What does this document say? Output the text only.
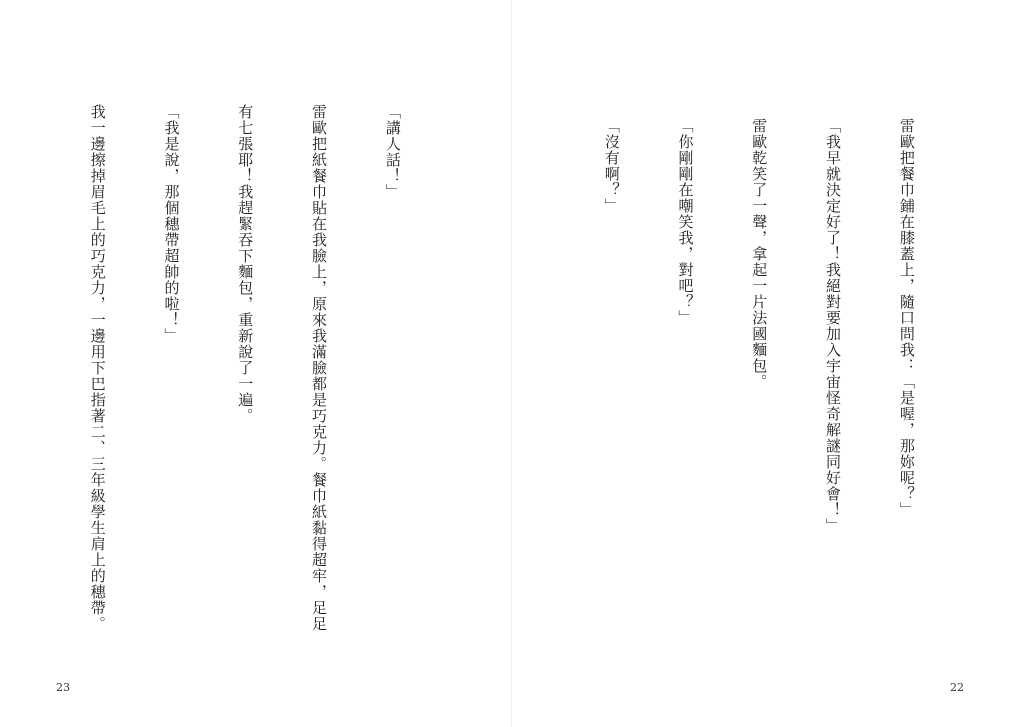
「講人話！」

雷歐把紙餐巾貼在我臉上，原來我滿臉都是巧克力。餐巾紙黏得超牢，足足

有七張耶！我趕緊吞下麵包，重新說了一遍。

「我是說，那個穗帶超帥的啦！」

我一邊擦掉眉毛上的巧克力，一邊用下巴指著二、三年級學生肩上的穗帶。

23

雷歐把餐巾鋪在膝蓋上，隨口問我：「是喔，那妳呢？」

「我早就決定好了！我絕對要加入宇宙怪奇解謎同好會！」

雷歐乾笑了一聲，拿起一片法國麵包。

「你剛剛在嘲笑我，對吧？」

「沒有啊？」

22
